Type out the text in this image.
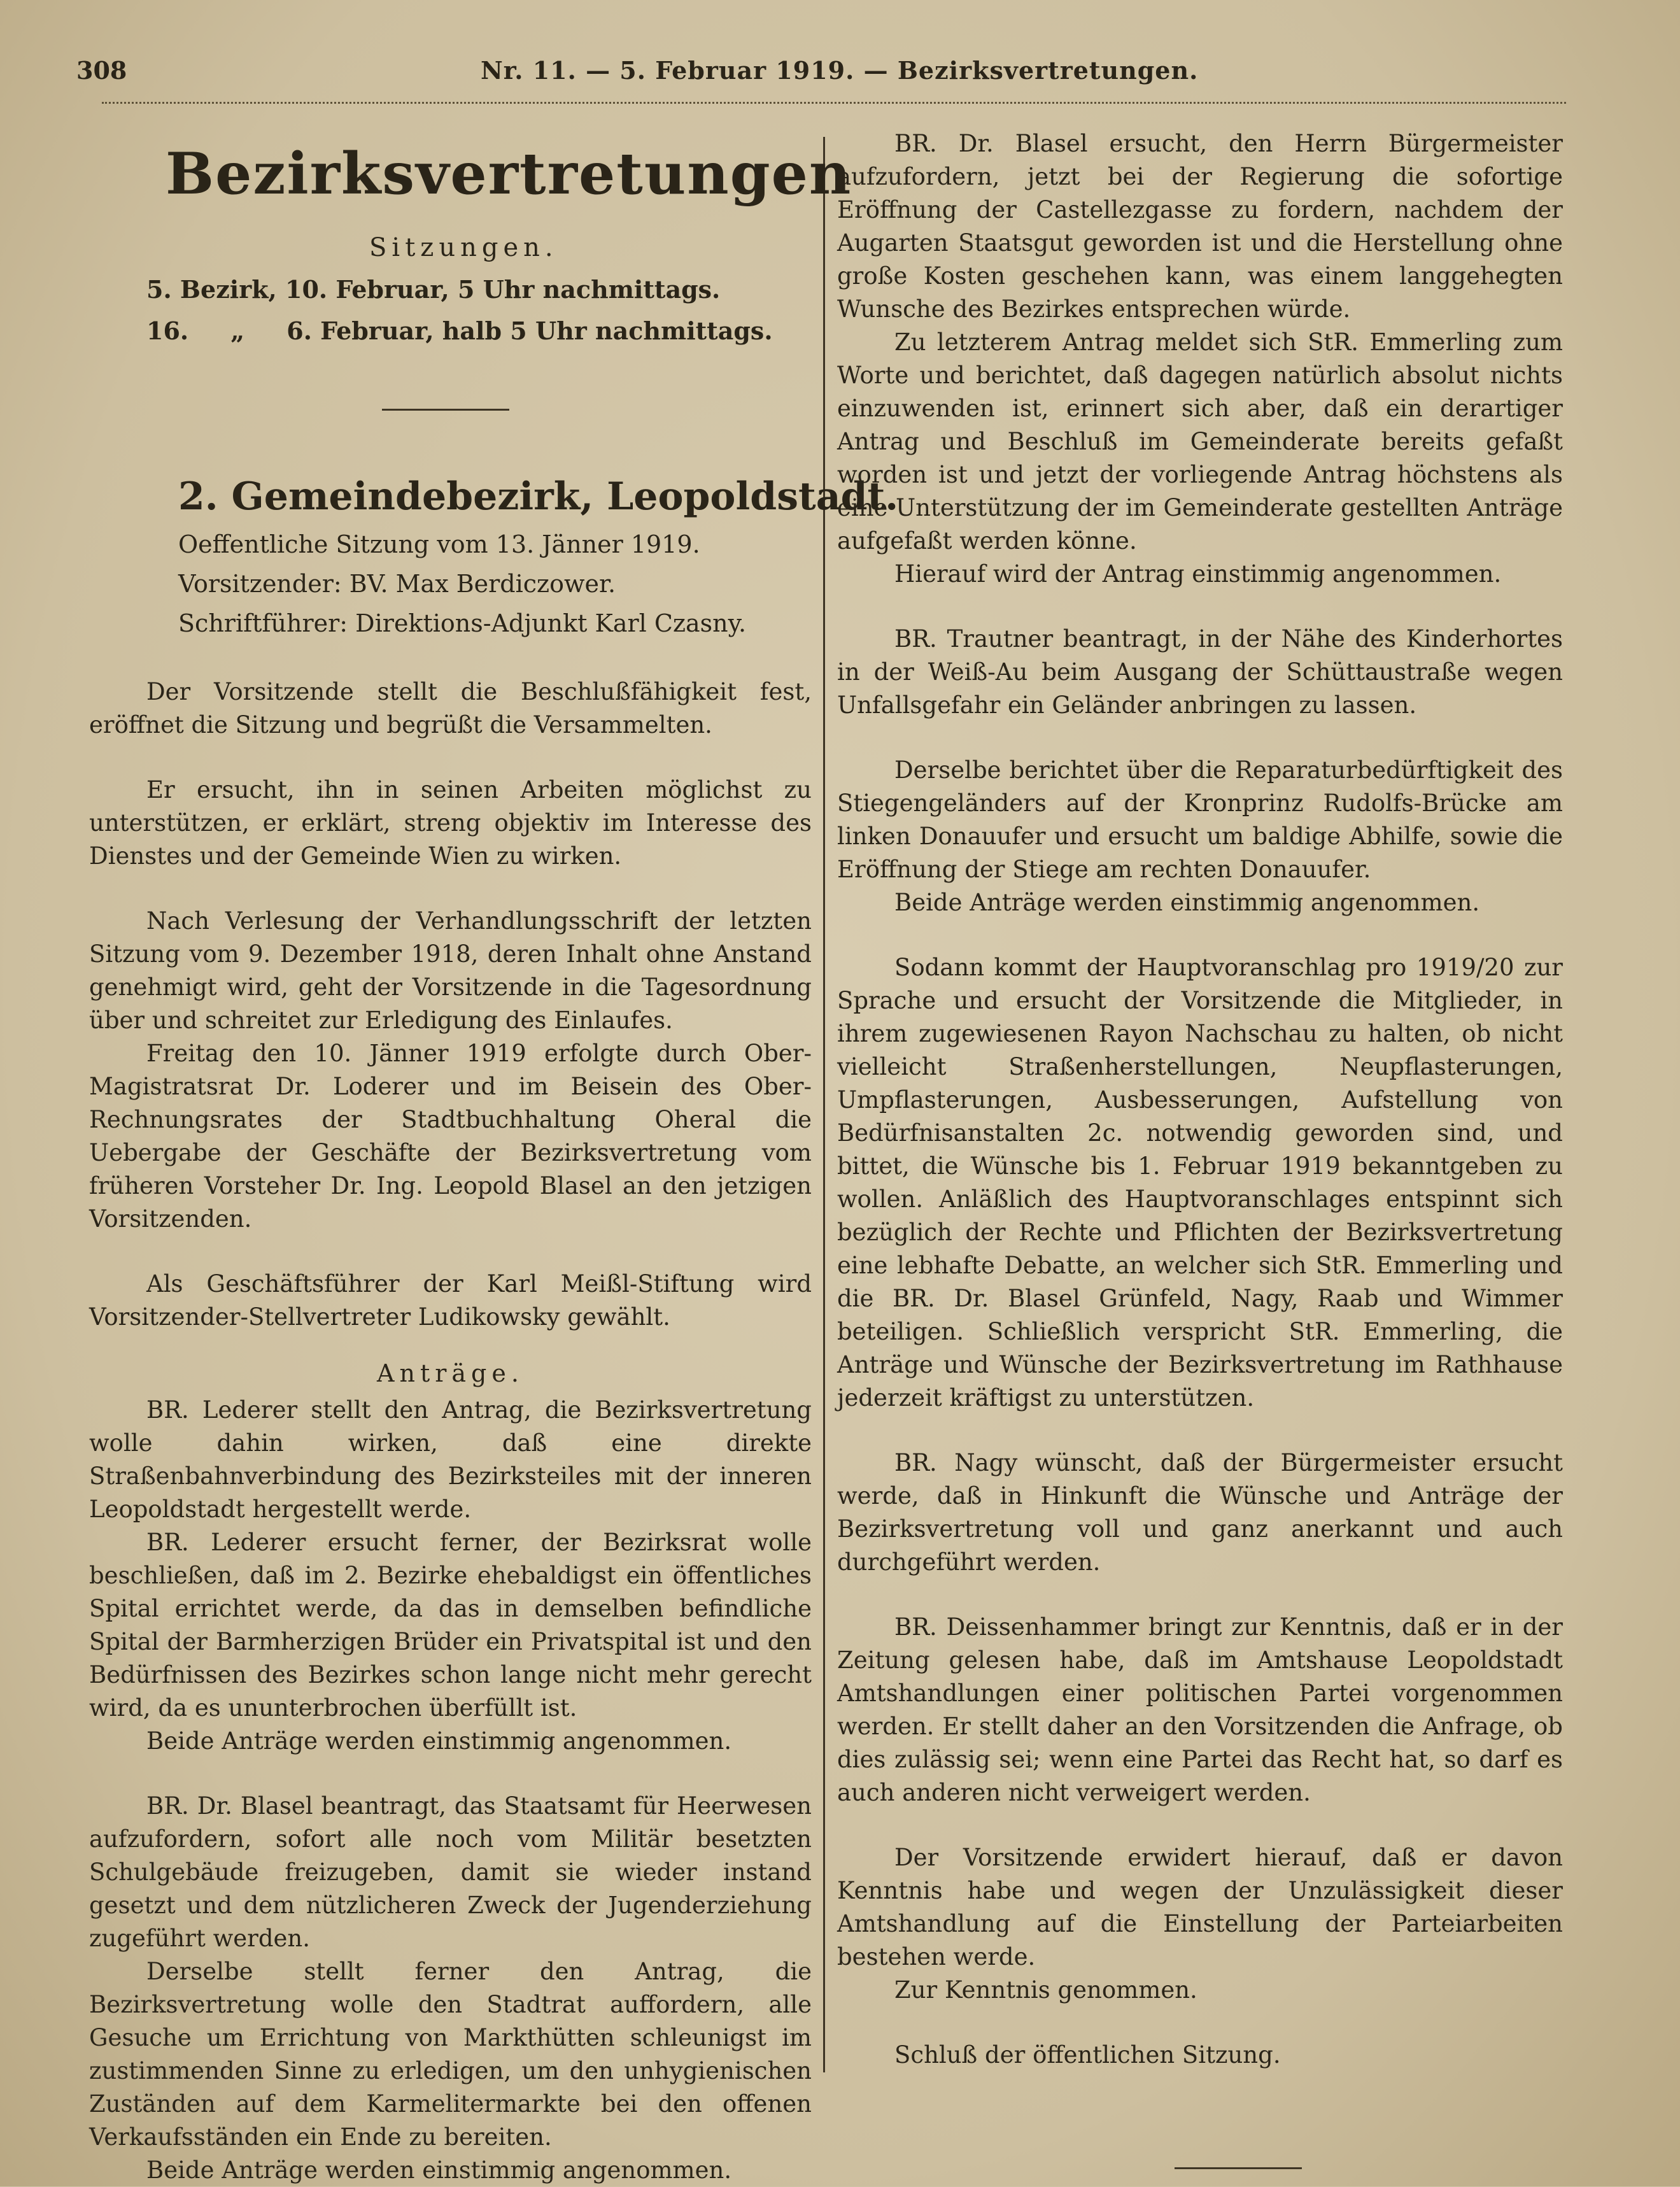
308	Nr. 11. — 5. Februar 1919. — Bezirksvertretungen.
Bezirksvertretungen
Sitzungen.
5. Bezirk, 10. Februar, 5 Uhr nachmittags.
16.     „     6. Februar, halb 5 Uhr nachmittags.
2. Gemeindebezirk, Leopoldstadt.
Oeffentliche Sitzung vom 13. Jänner 1919.
Vorsitzender: BV. Max Berdiczower.
Schriftführer: Direktions-Adjunkt Karl Czasny.

Der Vorsitzende stellt die Beschlußfähigkeit fest, eröffnet die Sitzung und begrüßt die Versammelten.

Er ersucht, ihn in seinen Arbeiten möglichst zu unterstützen, er erklärt, streng objektiv im Interesse des Dienstes und der Gemeinde Wien zu wirken.

Nach Verlesung der Verhandlungsschrift der letzten Sitzung vom 9. Dezember 1918, deren Inhalt ohne Anstand genehmigt wird, geht der Vorsitzende in die Tagesordnung über und schreitet zur Erledigung des Einlaufes.

Freitag den 10. Jänner 1919 erfolgte durch Ober-Magistratsrat Dr. Loderer und im Beisein des Ober-Rechnungsrates der Stadtbuchhaltung Oheral die Uebergabe der Geschäfte der Bezirksvertretung vom früheren Vorsteher Dr. Ing. Leopold Blasel an den jetzigen Vorsitzenden.

Als Geschäftsführer der Karl Meißl-Stiftung wird Vorsitzender-Stellvertreter Ludikowsky gewählt.

Anträge.

BR. Lederer stellt den Antrag, die Bezirksvertretung wolle dahin wirken, daß eine direkte Straßenbahnverbindung des Bezirksteiles mit der inneren Leopoldstadt hergestellt werde.

BR. Lederer ersucht ferner, der Bezirksrat wolle beschließen, daß im 2. Bezirke ehebaldigst ein öffentliches Spital errichtet werde, da das in demselben befindliche Spital der Barmherzigen Brüder ein Privatspital ist und den Bedürfnissen des Bezirkes schon lange nicht mehr gerecht wird, da es ununterbrochen überfüllt ist.

Beide Anträge werden einstimmig angenommen.

BR. Dr. Blasel beantragt, das Staatsamt für Heerwesen aufzufordern, sofort alle noch vom Militär besetzten Schulgebäude freizugeben, damit sie wieder instand gesetzt und dem nützlicheren Zweck der Jugenderziehung zugeführt werden.

Derselbe stellt ferner den Antrag, die Bezirksvertretung wolle den Stadtrat auffordern, alle Gesuche um Errichtung von Markthütten schleunigst im zustimmenden Sinne zu erledigen, um den unhygienischen Zuständen auf dem Karmelitermarkte bei den offenen Verkaufsständen ein Ende zu bereiten.

Beide Anträge werden einstimmig angenommen.

BR. Dr. Blasel ersucht, den Herrn Bürgermeister aufzufordern, jetzt bei der Regierung die sofortige Eröffnung der Castellezgasse zu fordern, nachdem der Augarten Staatsgut geworden ist und die Herstellung ohne große Kosten geschehen kann, was einem langgehegten Wunsche des Bezirkes entsprechen würde.

Zu letzterem Antrag meldet sich StR. Emmerling zum Worte und berichtet, daß dagegen natürlich absolut nichts einzuwenden ist, erinnert sich aber, daß ein derartiger Antrag und Beschluß im Gemeinderate bereits gefaßt worden ist und jetzt der vorliegende Antrag höchstens als eine Unterstützung der im Gemeinderate gestellten Anträge aufgefaßt werden könne.

Hierauf wird der Antrag einstimmig angenommen.

BR. Trautner beantragt, in der Nähe des Kinderhortes in der Weiß-Au beim Ausgang der Schüttaustraße wegen Unfallsgefahr ein Geländer anbringen zu lassen.

Derselbe berichtet über die Reparaturbedürftigkeit des Stiegengeländers auf der Kronprinz Rudolfs-Brücke am linken Donauufer und ersucht um baldige Abhilfe, sowie die Eröffnung der Stiege am rechten Donauufer.

Beide Anträge werden einstimmig angenommen.

Sodann kommt der Hauptvoranschlag pro 1919/20 zur Sprache und ersucht der Vorsitzende die Mitglieder, in ihrem zugewiesenen Rayon Nachschau zu halten, ob nicht vielleicht Straßenherstellungen, Neupflasterungen, Umpflasterungen, Ausbesserungen, Aufstellung von Bedürfnisanstalten 2c. notwendig geworden sind, und bittet, die Wünsche bis 1. Februar 1919 bekanntgeben zu wollen. Anläßlich des Hauptvoranschlages entspinnt sich bezüglich der Rechte und Pflichten der Bezirksvertretung eine lebhafte Debatte, an welcher sich StR. Emmerling und die BR. Dr. Blasel Grünfeld, Nagy, Raab und Wimmer beteiligen. Schließlich verspricht StR. Emmerling, die Anträge und Wünsche der Bezirksvertretung im Rathhause jederzeit kräftigst zu unterstützen.

BR. Nagy wünscht, daß der Bürgermeister ersucht werde, daß in Hinkunft die Wünsche und Anträge der Bezirksvertretung voll und ganz anerkannt und auch durchgeführt werden.

BR. Deissenhammer bringt zur Kenntnis, daß er in der Zeitung gelesen habe, daß im Amtshause Leopoldstadt Amtshandlungen einer politischen Partei vorgenommen werden. Er stellt daher an den Vorsitzenden die Anfrage, ob dies zulässig sei; wenn eine Partei das Recht hat, so darf es auch anderen nicht verweigert werden.

Der Vorsitzende erwidert hierauf, daß er davon Kenntnis habe und wegen der Unzulässigkeit dieser Amtshandlung auf die Einstellung der Parteiarbeiten bestehen werde.

Zur Kenntnis genommen.

Schluß der öffentlichen Sitzung.
